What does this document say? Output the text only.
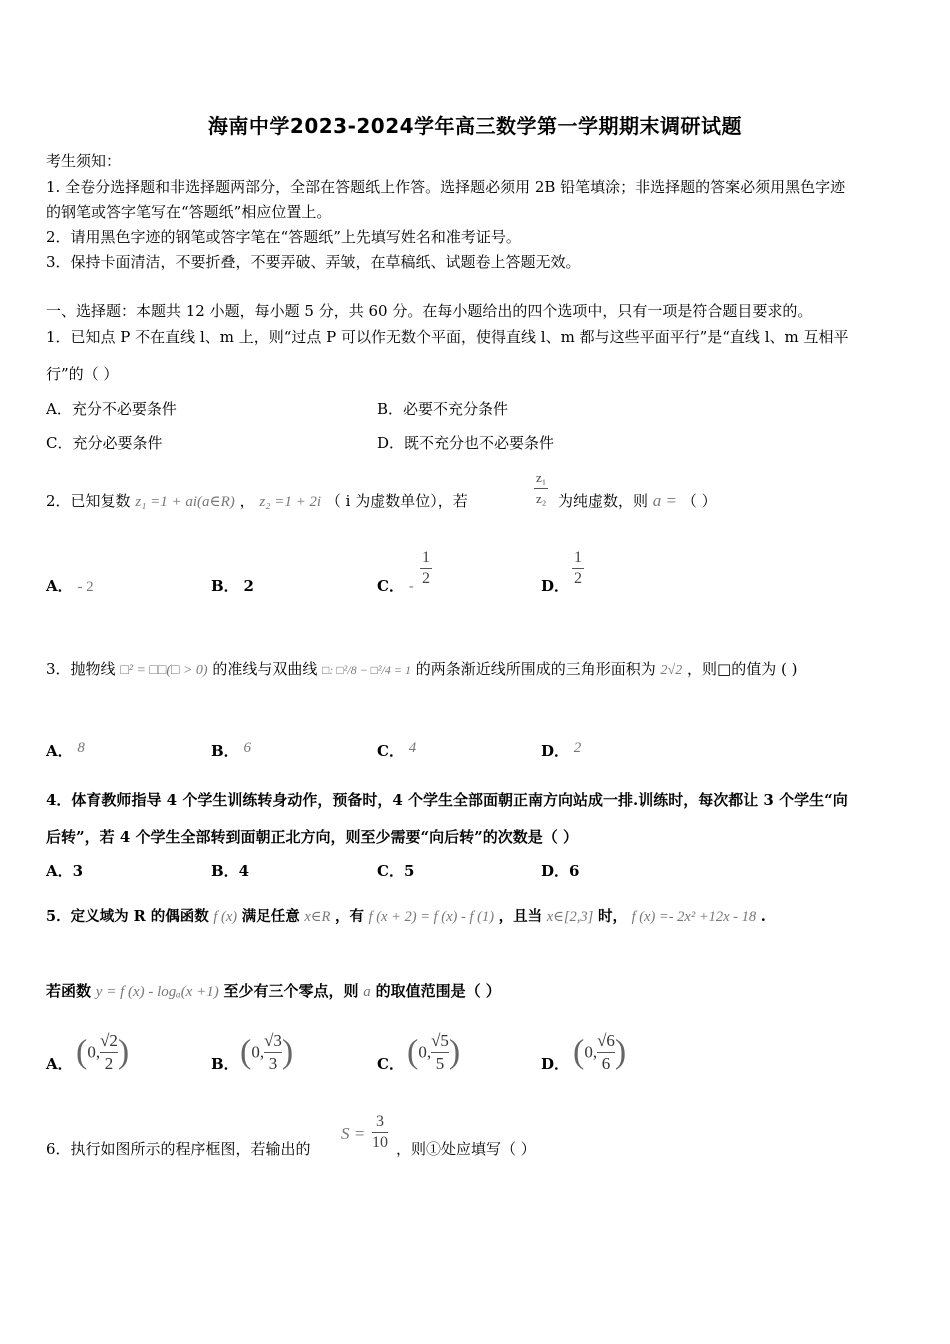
海南中学2023-2024学年高三数学第一学期期末调研试题
考生须知：
1. 全卷分选择题和非选择题两部分，全部在答题纸上作答。选择题必须用 2B 铅笔填涂；非选择题的答案必须用黑色字迹
的钢笔或答字笔写在“答题纸”相应位置上。
2．请用黑色字迹的钢笔或答字笔在“答题纸”上先填写姓名和准考证号。
3．保持卡面清洁，不要折叠，不要弄破、弄皱，在草稿纸、试题卷上答题无效。
一、选择题：本题共 12 小题，每小题 5 分，共 60 分。在每小题给出的四个选项中，只有一项是符合题目要求的。
1．已知点 P 不在直线 l、m 上，则“过点 P 可以作无数个平面，使得直线 l、m 都与这些平面平行”是“直线 l、m 互相平
行”的（ ）
A．充分不必要条件	B．必要不充分条件
C．充分必要条件	D．既不充分也不必要条件
2．已知复数 z₁ =1 + ai(a∈R) ， z₂ =1 + 2i （ i 为虚数单位），若	$\frac{\text{z₁}}{\text{z₂}}$ 为纯虚数，则 a = （ ）
A． - 2	B． 2	C． - $\frac{1}{2}$	D． $\frac{1}{2}$
3．抛物线 □² = □□(□ > 0) 的准线与双曲线 □: □²/8 − □²/4 = 1 的两条渐近线所围成的三角形面积为 2√2 ，则□的值为 ( )
A． 8	B． 6	C． 4	D． 2
4．体育教师指导 4 个学生训练转身动作，预备时，4 个学生全部面朝正南方向站成一排.训练时，每次都让 3 个学生“向
后转”，若 4 个学生全部转到面朝正北方向，则至少需要“向后转”的次数是（ ）
A．3	B．4	C．5	D．6
5．定义域为 R 的偶函数 f (x) 满足任意 x∈R ，有 f (x + 2) = f (x) - f (1) ，且当 x∈[2,3] 时， f (x) =- 2x² +12x - 18 .
若函数 y = f (x) - logₐ(x +1) 至少有三个零点，则 a 的取值范围是（ ）
A． (0, $\frac{√2}{2}$ )	B． (0, $\frac{√3}{3}$ )	C． (0, $\frac{√5}{5}$ )	D． (0, $\frac{√6}{6}$ )
6．执行如图所示的程序框图，若输出的
$S = \frac{3}{10}$ ，则①处应填写（ ）
